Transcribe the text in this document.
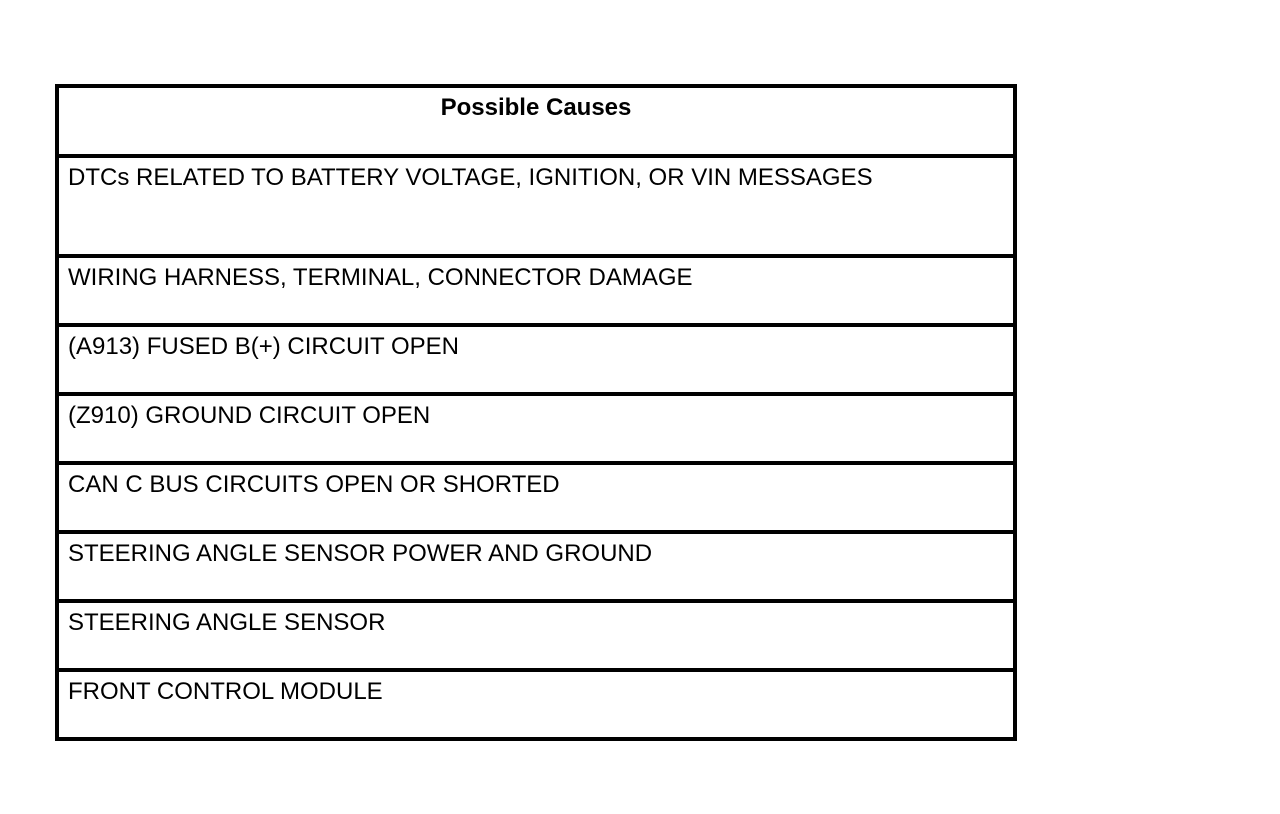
Possible Causes
DTCs RELATED TO BATTERY VOLTAGE, IGNITION, OR VIN MESSAGES
WIRING HARNESS, TERMINAL, CONNECTOR DAMAGE
(A913) FUSED B(+) CIRCUIT OPEN
(Z910) GROUND CIRCUIT OPEN
CAN C BUS CIRCUITS OPEN OR SHORTED
STEERING ANGLE SENSOR POWER AND GROUND
STEERING ANGLE SENSOR
FRONT CONTROL MODULE
